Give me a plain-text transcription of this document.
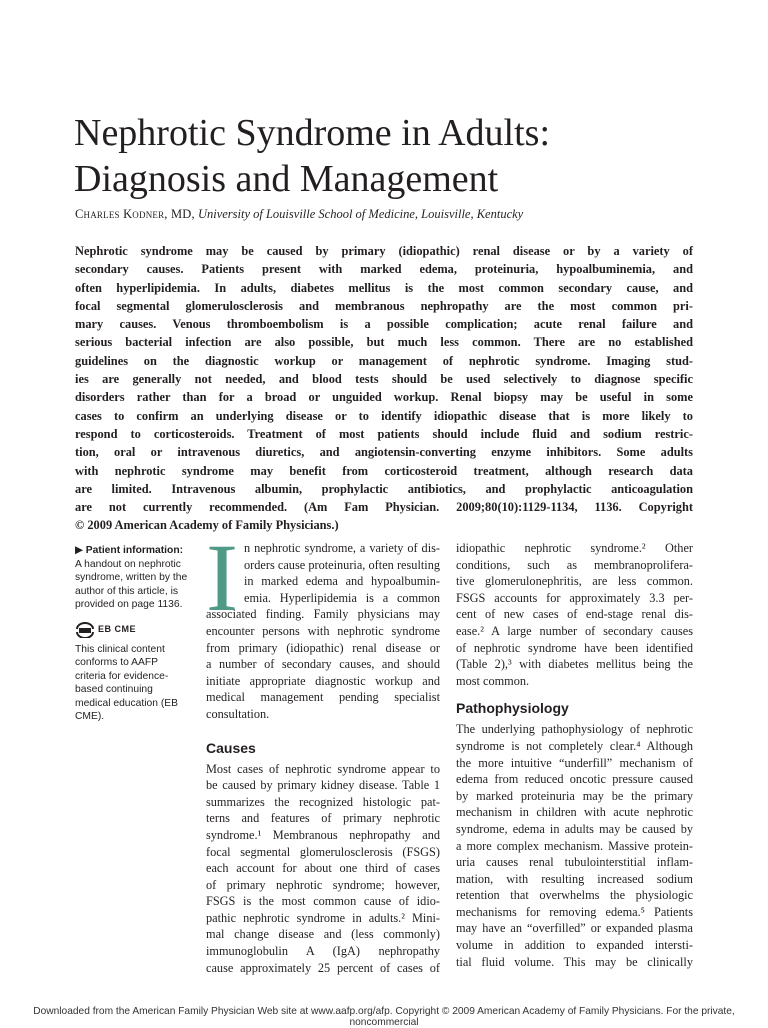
Nephrotic Syndrome in Adults:
Diagnosis and Management
Charles Kodner, MD, University of Louisville School of Medicine, Louisville, Kentucky
Nephrotic syndrome may be caused by primary (idiopathic) renal disease or by a variety of
secondary causes. Patients present with marked edema, proteinuria, hypoalbuminemia, and
often hyperlipidemia. In adults, diabetes mellitus is the most common secondary cause, and
focal segmental glomerulosclerosis and membranous nephropathy are the most common pri-
mary causes. Venous thromboembolism is a possible complication; acute renal failure and
serious bacterial infection are also possible, but much less common. There are no established
guidelines on the diagnostic workup or management of nephrotic syndrome. Imaging stud-
ies are generally not needed, and blood tests should be used selectively to diagnose specific
disorders rather than for a broad or unguided workup. Renal biopsy may be useful in some
cases to confirm an underlying disease or to identify idiopathic disease that is more likely to
respond to corticosteroids. Treatment of most patients should include fluid and sodium restric-
tion, oral or intravenous diuretics, and angiotensin-converting enzyme inhibitors. Some adults
with nephrotic syndrome may benefit from corticosteroid treatment, although research data
are limited. Intravenous albumin, prophylactic antibiotics, and prophylactic anticoagulation
are not currently recommended. (Am Fam Physician. 2009;80(10):1129-1134, 1136. Copyright
© 2009 American Academy of Family Physicians.)
▶ Patient information:
A handout on nephrotic syndrome, written by the author of this article, is provided on page 1136.
EB CME
This clinical content conforms to AAFP criteria for evidence-based continuing medical education (EB CME).
I n nephrotic syndrome, a variety of dis-
orders cause proteinuria, often resulting
in marked edema and hypoalbumin-
emia. Hyperlipidemia is a common
associated finding. Family physicians may
encounter persons with nephrotic syndrome
from primary (idiopathic) renal disease or
a number of secondary causes, and should
initiate appropriate diagnostic workup and
medical management pending specialist
consultation.
Causes
Most cases of nephrotic syndrome appear to
be caused by primary kidney disease. Table 1
summarizes the recognized histologic pat-
terns and features of primary nephrotic
syndrome.¹ Membranous nephropathy and
focal segmental glomerulosclerosis (FSGS)
each account for about one third of cases
of primary nephrotic syndrome; however,
FSGS is the most common cause of idio-
pathic nephrotic syndrome in adults.² Mini-
mal change disease and (less commonly)
immunoglobulin A (IgA) nephropathy
cause approximately 25 percent of cases of
idiopathic nephrotic syndrome.² Other
conditions, such as membranoprolifera-
tive glomerulonephritis, are less common.
FSGS accounts for approximately 3.3 per-
cent of new cases of end-stage renal dis-
ease.² A large number of secondary causes
of nephrotic syndrome have been identified
(Table 2),³ with diabetes mellitus being the
most common.
Pathophysiology
The underlying pathophysiology of nephrotic
syndrome is not completely clear.⁴ Although
the more intuitive “underfill” mechanism of
edema from reduced oncotic pressure caused
by marked proteinuria may be the primary
mechanism in children with acute nephrotic
syndrome, edema in adults may be caused by
a more complex mechanism. Massive protein-
uria causes renal tubulointerstitial inflam-
mation, with resulting increased sodium
retention that overwhelms the physiologic
mechanisms for removing edema.⁵ Patients
may have an “overfilled” or expanded plasma
volume in addition to expanded intersti-
tial fluid volume. This may be clinically
Downloaded from the American Family Physician Web site at www.aafp.org/afp. Copyright © 2009 American Academy of Family Physicians. For the private, noncommercial
